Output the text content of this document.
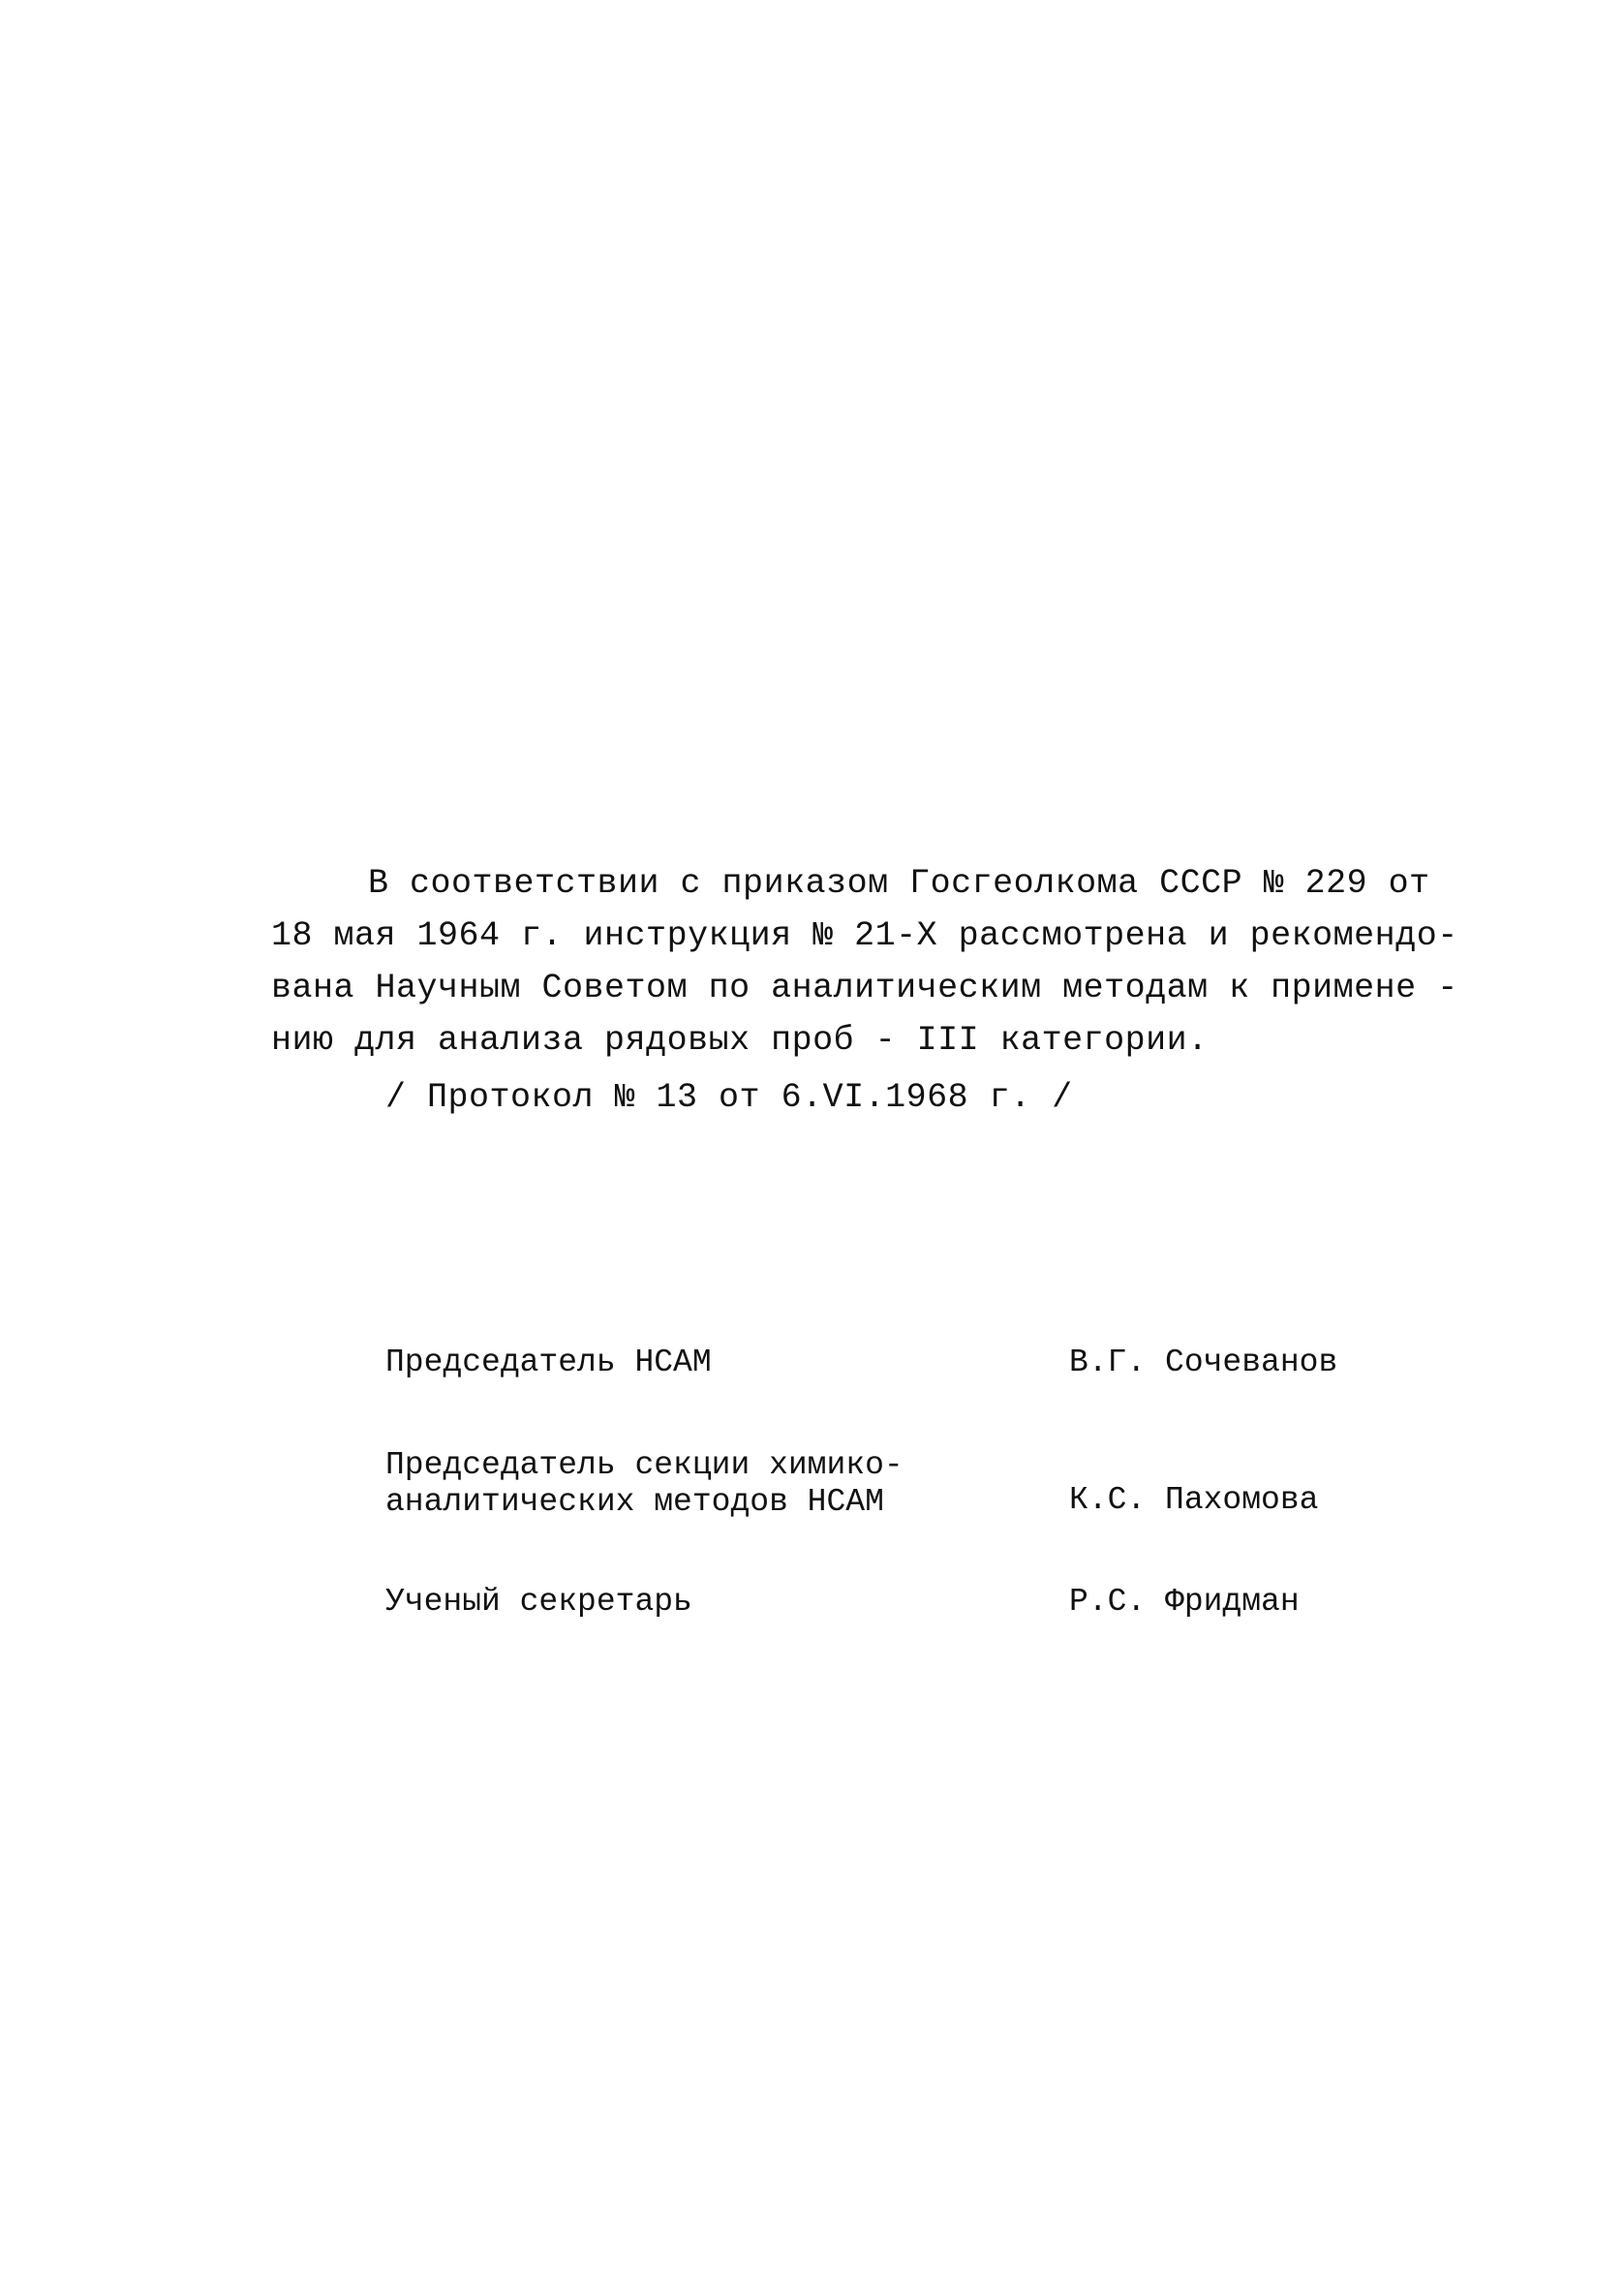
В соответствии с приказом Госгеолкома СССР № 229 от
18 мая 1964 г. инструкция № 21-Х рассмотрена и рекомендо-
вана Научным Советом по аналитическим методам к примене -
нию для анализа рядовых проб - III категории.
/ Протокол № 13 от 6.VI.1968 г. /
Председатель НСАМ	В.Г. Сочеванов
Председатель секции химико-
аналитических методов НСАМ	К.С. Пахомова
Ученый секретарь	Р.С. Фридман
